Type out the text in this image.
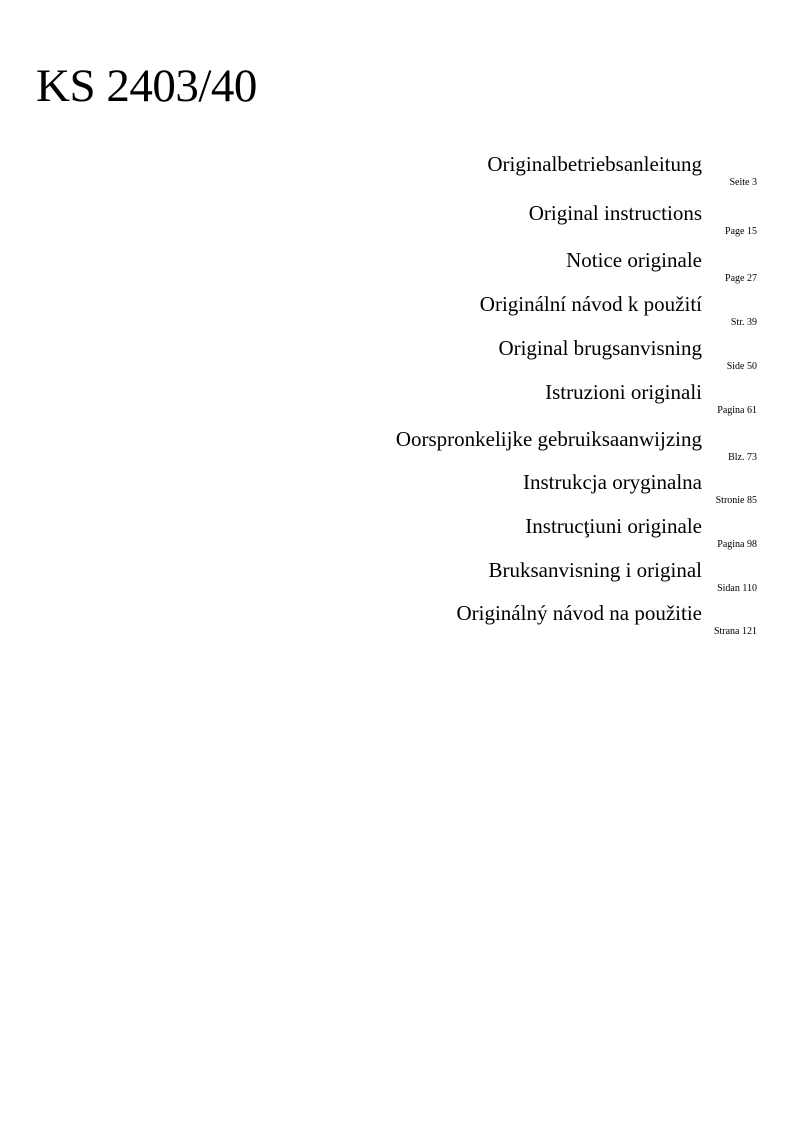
KS 2403/40
Originalbetriebsanleitung
Seite 3
Original instructions
Page 15
Notice originale
Page 27
Originální návod k použití
Str. 39
Original brugsanvisning
Side 50
Istruzioni originali
Pagina 61
Oorspronkelijke gebruiksaanwijzing
Blz. 73
Instrukcja oryginalna
Stronie 85
Instrucţiuni originale
Pagina 98
Bruksanvisning i original
Sidan 110
Originálný návod na použitie
Strana 121
